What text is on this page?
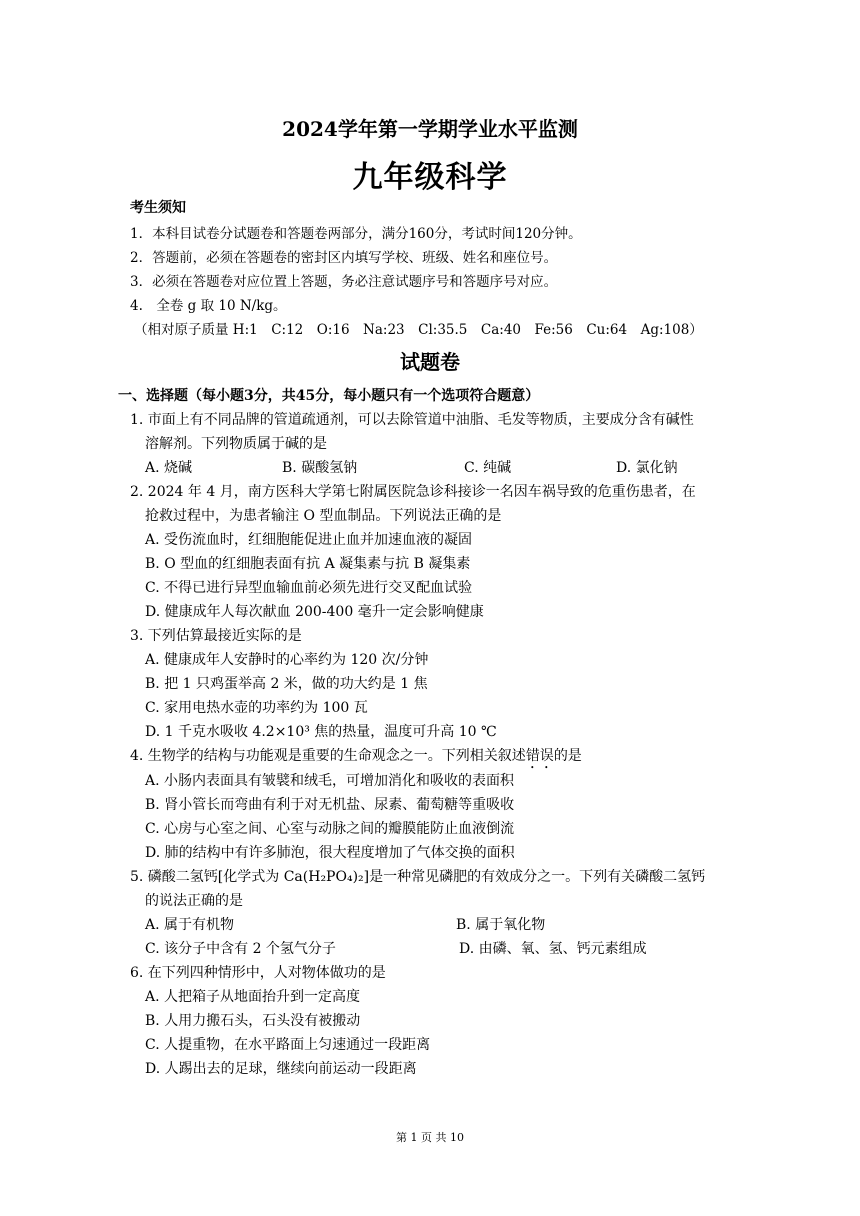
2024学年第一学期学业水平监测
九年级科学
考生须知
1．本科目试卷分试题卷和答题卷两部分，满分160分，考试时间120分钟。
2．答题前，必须在答题卷的密封区内填写学校、班级、姓名和座位号。
3．必须在答题卷对应位置上答题，务必注意试题序号和答题序号对应。
4.　全卷 g 取 10 N/kg。
（相对原子质量 H:1　C:12　O:16　Na:23　Cl:35.5　Ca:40　Fe:56　Cu:64　Ag:108）
试题卷
一、选择题（每小题3分，共45分，每小题只有一个选项符合题意）
1. 市面上有不同品牌的管道疏通剂，可以去除管道中油脂、毛发等物质，主要成分含有碱性
溶解剂。下列物质属于碱的是
A. 烧碱	B. 碳酸氢钠	C. 纯碱	D. 氯化钠
2. 2024 年 4 月，南方医科大学第七附属医院急诊科接诊一名因车祸导致的危重伤患者，在
抢救过程中，为患者输注 O 型血制品。下列说法正确的是
A. 受伤流血时，红细胞能促进止血并加速血液的凝固
B. O 型血的红细胞表面有抗 A 凝集素与抗 B 凝集素
C. 不得已进行异型血输血前必须先进行交叉配血试验
D. 健康成年人每次献血 200-400 毫升一定会影响健康
3. 下列估算最接近实际的是
A. 健康成年人安静时的心率约为 120 次/分钟
B. 把 1 只鸡蛋举高 2 米，做的功大约是 1 焦
C. 家用电热水壶的功率约为 100 瓦
D. 1 千克水吸收 4.2×10³ 焦的热量，温度可升高 10 ℃
4. 生物学的结构与功能观是重要的生命观念之一。下列相关叙述错误的是
A. 小肠内表面具有皱襞和绒毛，可增加消化和吸收的表面积
B. 肾小管长而弯曲有利于对无机盐、尿素、葡萄糖等重吸收
C. 心房与心室之间、心室与动脉之间的瓣膜能防止血液倒流
D. 肺的结构中有许多肺泡，很大程度增加了气体交换的面积
5. 磷酸二氢钙[化学式为 Ca(H₂PO₄)₂]是一种常见磷肥的有效成分之一。下列有关磷酸二氢钙
的说法正确的是
A. 属于有机物	B. 属于氧化物
C. 该分子中含有 2 个氢气分子	D. 由磷、氧、氢、钙元素组成
6. 在下列四种情形中，人对物体做功的是
A. 人把箱子从地面抬升到一定高度
B. 人用力搬石头，石头没有被搬动
C. 人提重物，在水平路面上匀速通过一段距离
D. 人踢出去的足球，继续向前运动一段距离
第 1 页 共 10
